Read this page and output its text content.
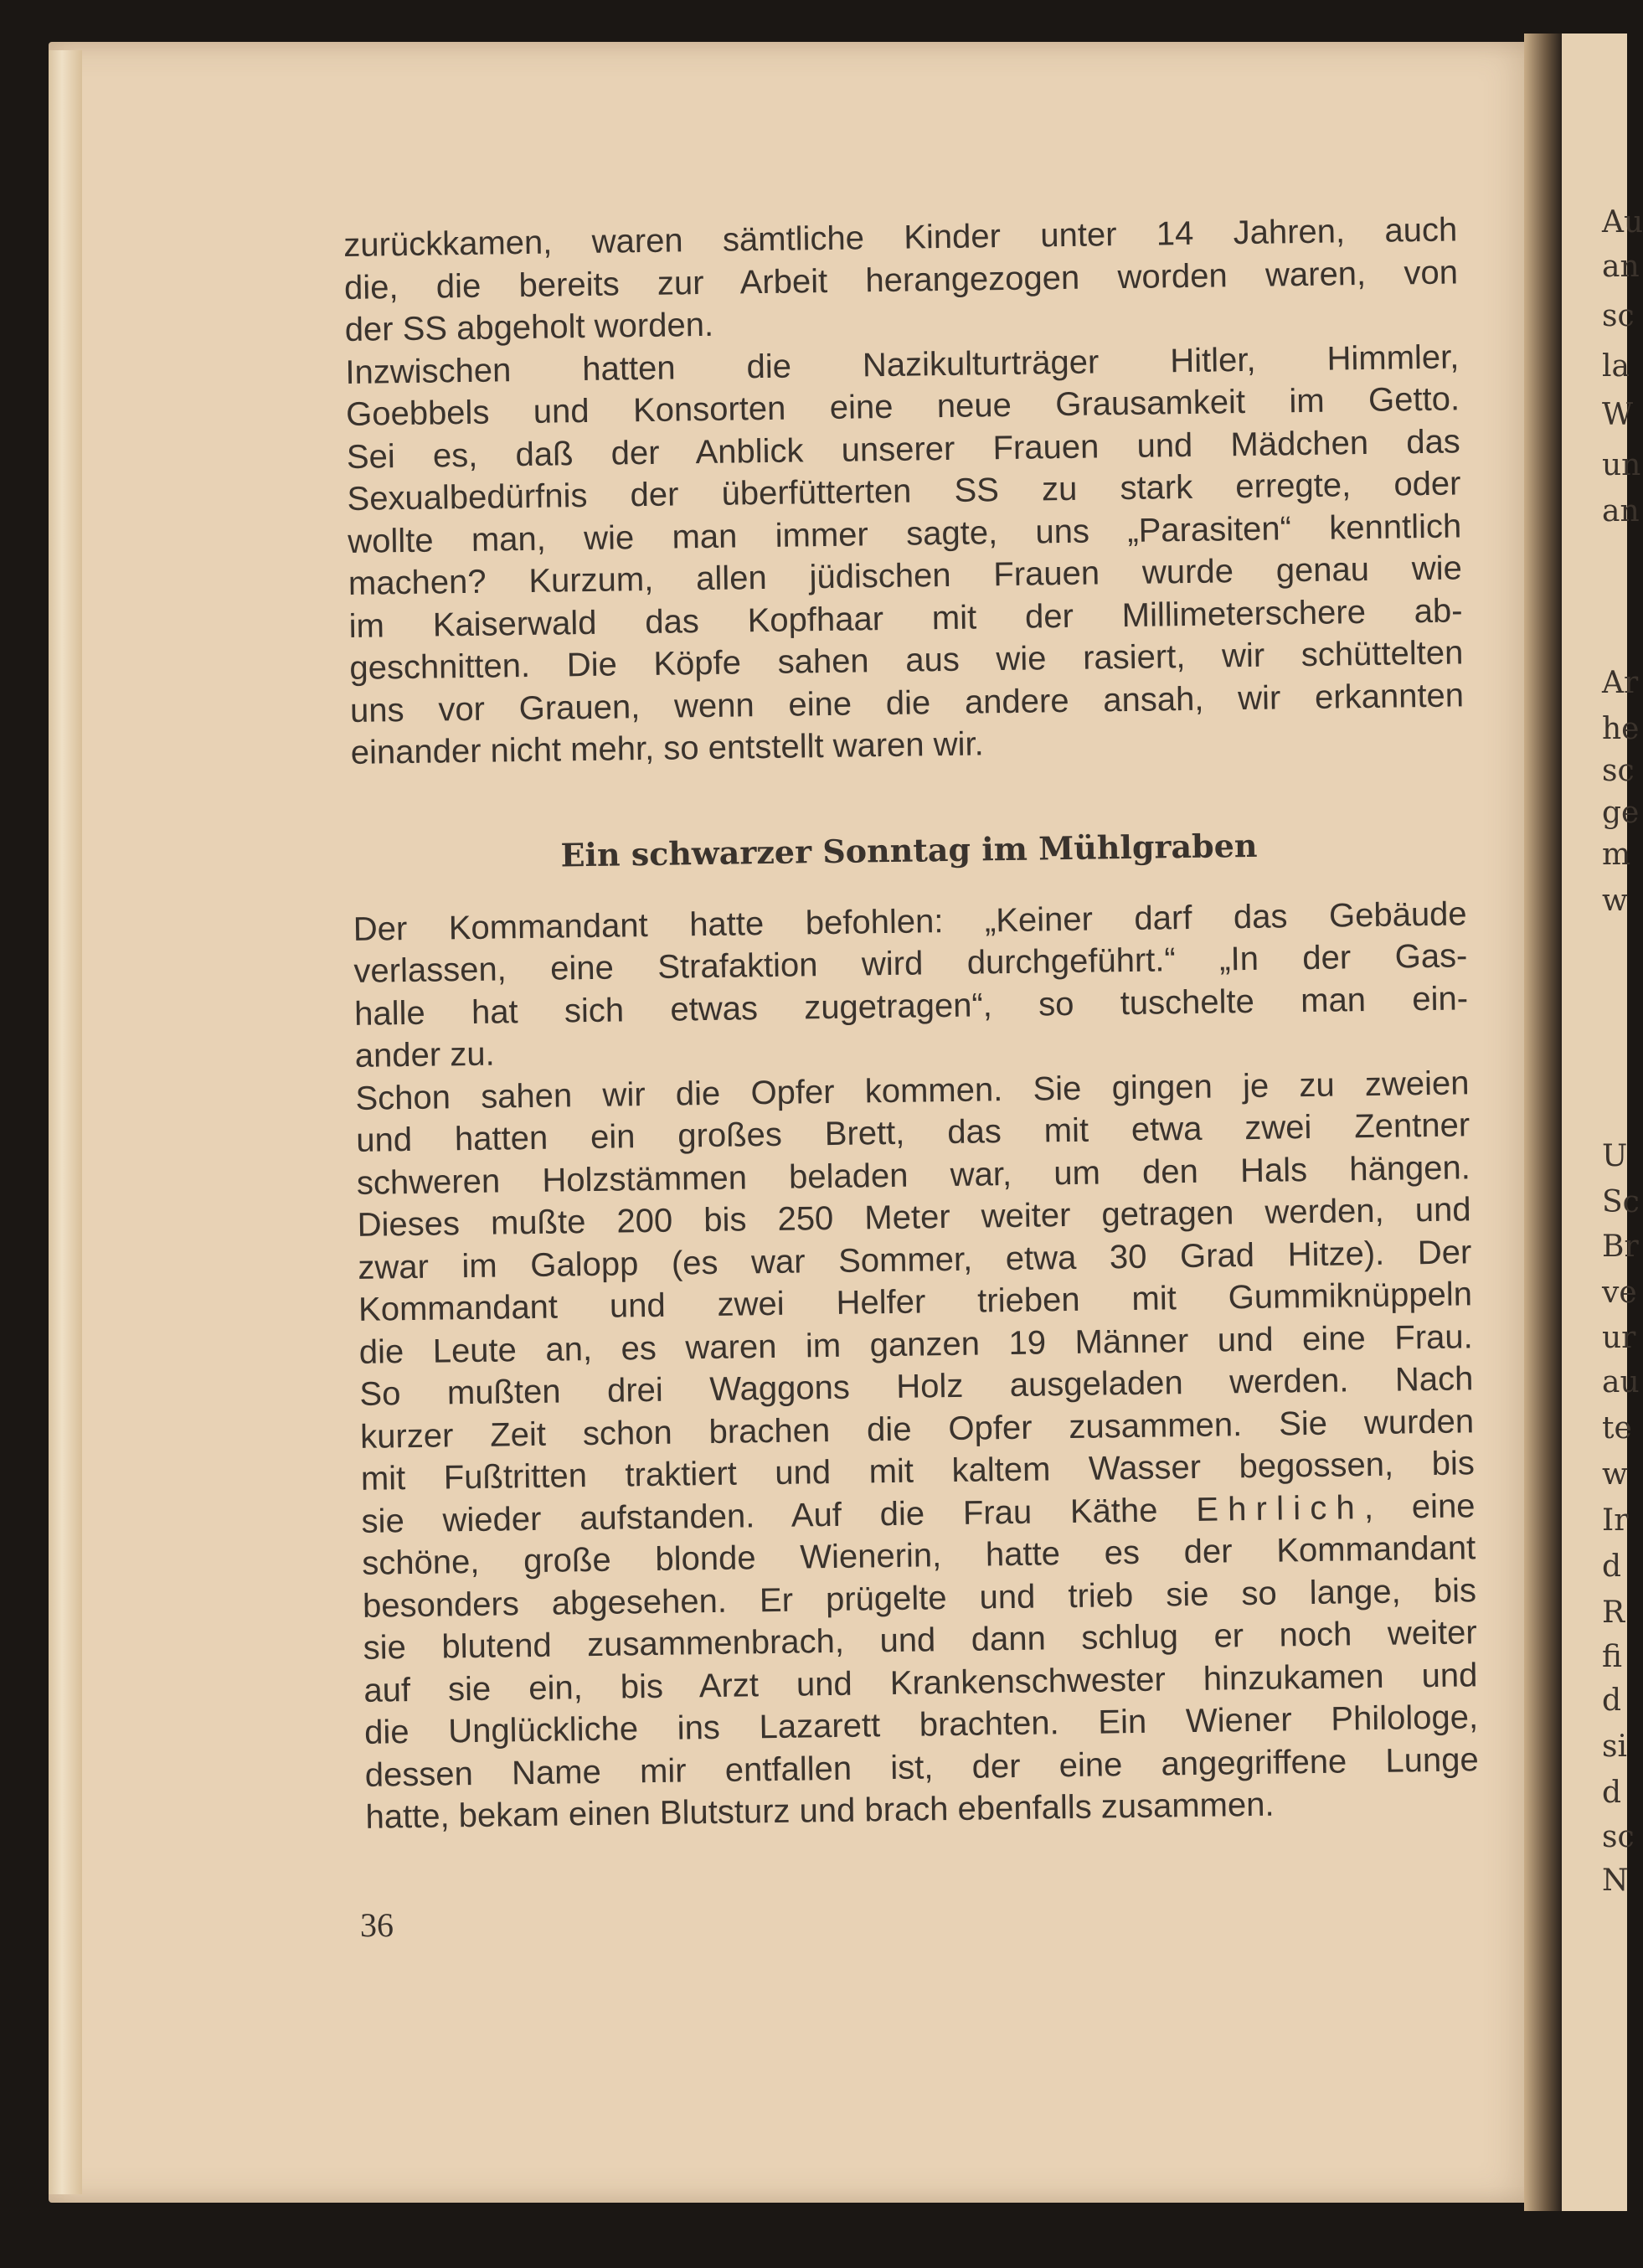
Au
an
sc
la
W
un
an
Ar
he
sc
ge
m
w
U
Sc
Br
ve
ur
au
te
w
Ir
d
R
fi
d
si
d
sc
N
zurückkamen, waren sämtliche Kinder unter 14 Jahren, auch
die, die bereits zur Arbeit herangezogen worden waren, von
der SS abgeholt worden.
Inzwischen hatten die Nazikulturträger Hitler, Himmler,
Goebbels und Konsorten eine neue Grausamkeit im Getto.
Sei es, daß der Anblick unserer Frauen und Mädchen das
Sexualbedürfnis der überfütterten SS zu stark erregte, oder
wollte man, wie man immer sagte, uns „Parasiten“ kenntlich
machen? Kurzum, allen jüdischen Frauen wurde genau wie
im Kaiserwald das Kopfhaar mit der Millimeterschere ab-
geschnitten. Die Köpfe sahen aus wie rasiert, wir schüttelten
uns vor Grauen, wenn eine die andere ansah, wir erkannten
einander nicht mehr, so entstellt waren wir.
Ein schwarzer Sonntag im Mühlgraben
Der Kommandant hatte befohlen: „Keiner darf das Gebäude
verlassen, eine Strafaktion wird durchgeführt.“ „In der Gas-
halle hat sich etwas zugetragen“, so tuschelte man ein-
ander zu.
Schon sahen wir die Opfer kommen. Sie gingen je zu zweien
und hatten ein großes Brett, das mit etwa zwei Zentner
schweren Holzstämmen beladen war, um den Hals hängen.
Dieses mußte 200 bis 250 Meter weiter getragen werden, und
zwar im Galopp (es war Sommer, etwa 30 Grad Hitze). Der
Kommandant und zwei Helfer trieben mit Gummiknüppeln
die Leute an, es waren im ganzen 19 Männer und eine Frau.
So mußten drei Waggons Holz ausgeladen werden. Nach
kurzer Zeit schon brachen die Opfer zusammen. Sie wurden
mit Fußtritten traktiert und mit kaltem Wasser begossen, bis
sie wieder aufstanden. Auf die Frau Käthe Ehrlich, eine
schöne, große blonde Wienerin, hatte es der Kommandant
besonders abgesehen. Er prügelte und trieb sie so lange, bis
sie blutend zusammenbrach, und dann schlug er noch weiter
auf sie ein, bis Arzt und Krankenschwester hinzukamen und
die Unglückliche ins Lazarett brachten. Ein Wiener Philologe,
dessen Name mir entfallen ist, der eine angegriffene Lunge
hatte, bekam einen Blutsturz und brach ebenfalls zusammen.
36
